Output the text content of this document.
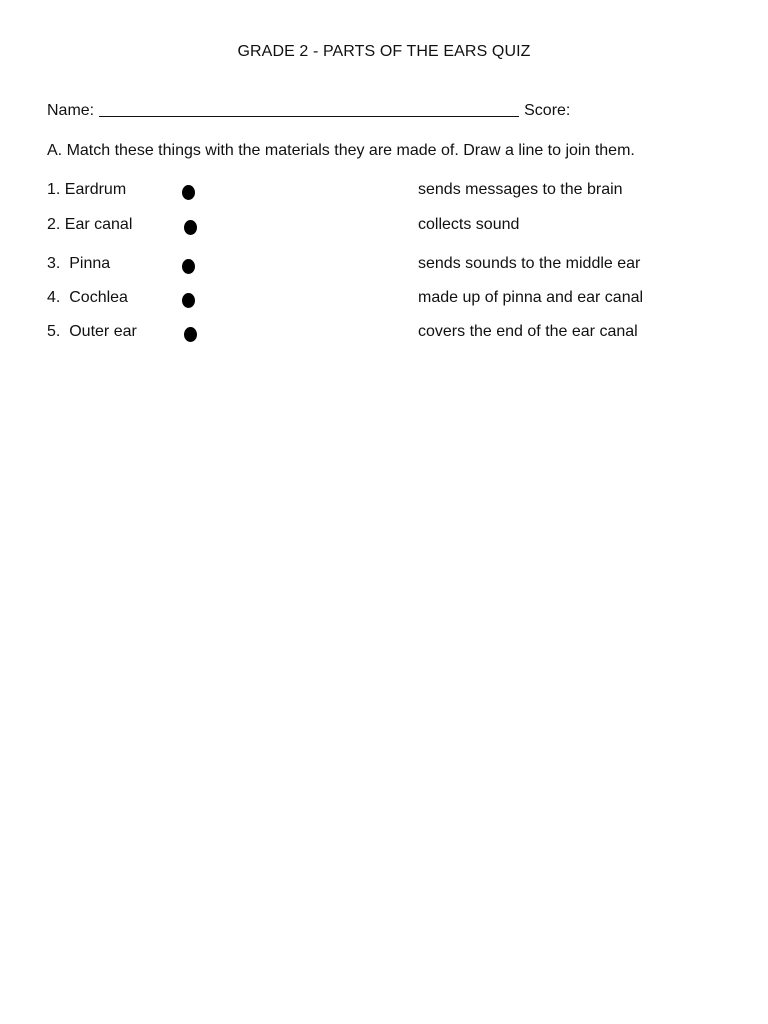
GRADE 2 - PARTS OF THE EARS QUIZ
Name:	Score:
A. Match these things with the materials they are made of. Draw a line to join them.
1. Eardrum	sends messages to the brain
2. Ear canal	collects sound
3.  Pinna	sends sounds to the middle ear
4.  Cochlea	made up of pinna and ear canal
5.  Outer ear	covers the end of the ear canal
